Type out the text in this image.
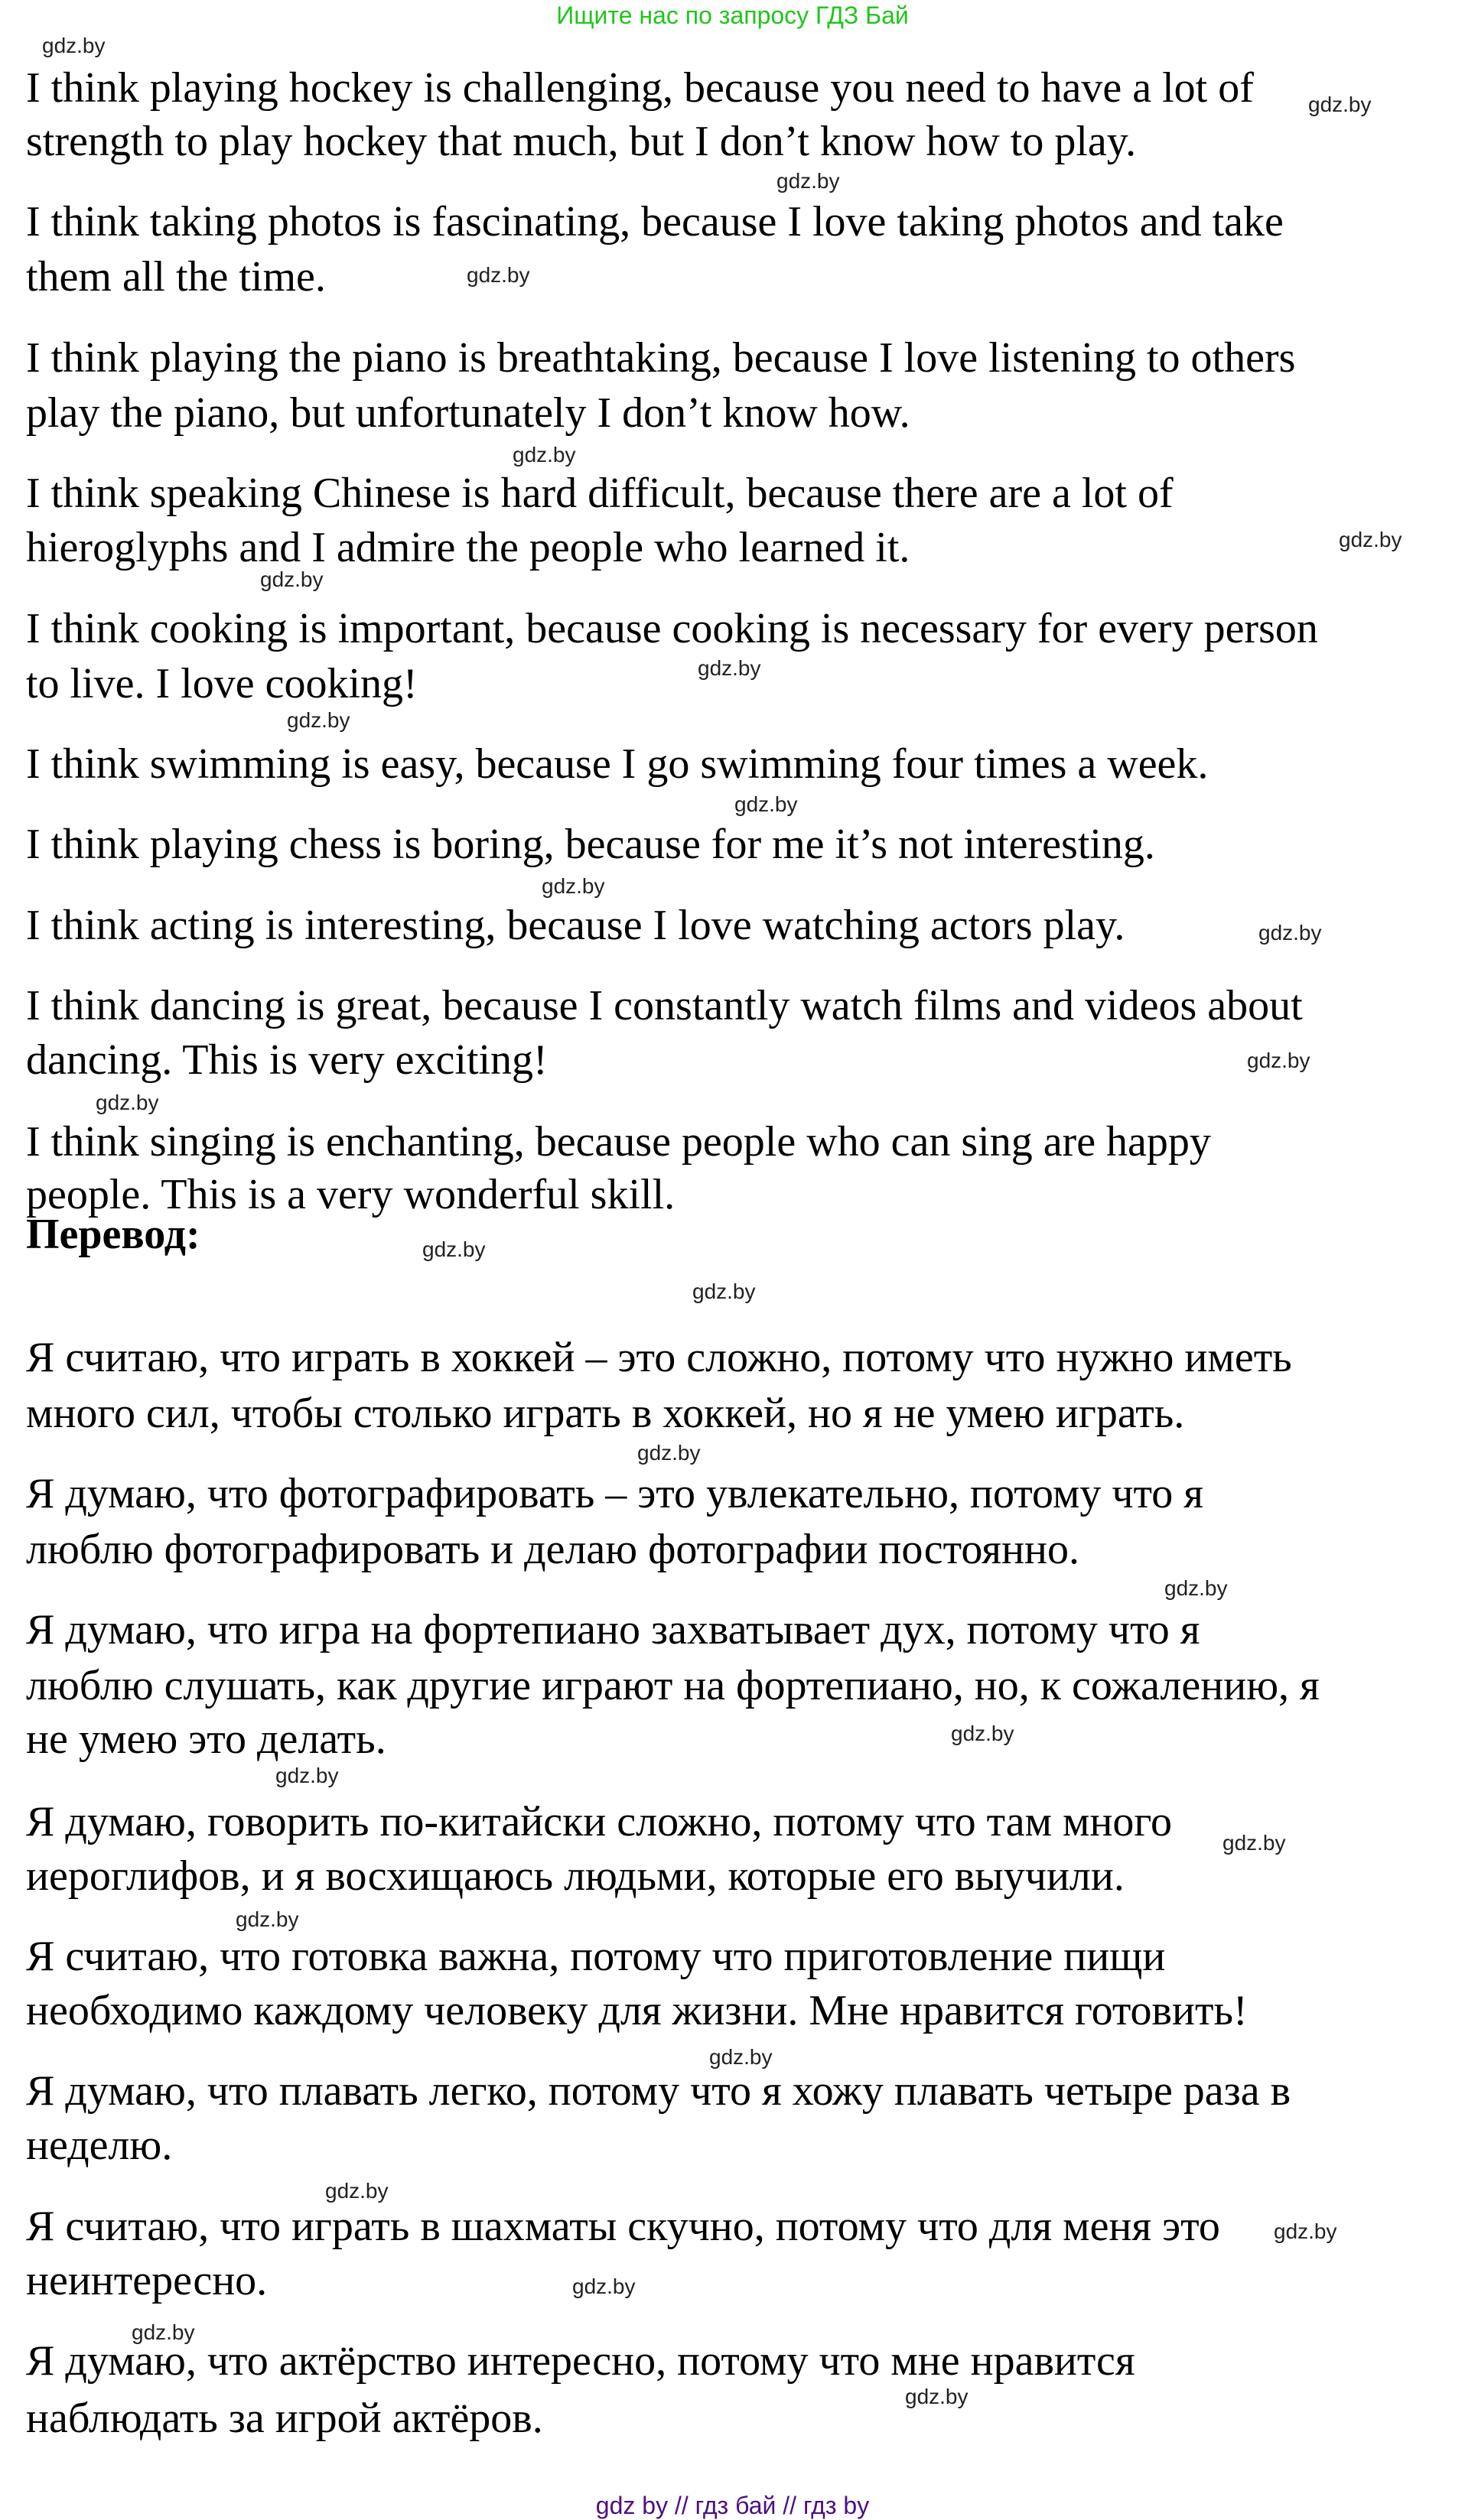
Ищите нас по запросу ГДЗ Бай
I think playing hockey is challenging, because you need to have a lot of
strength to play hockey that much, but I don’t know how to play.
I think taking photos is fascinating, because I love taking photos and take
them all the time.
I think playing the piano is breathtaking, because I love listening to others
play the piano, but unfortunately I don’t know how.
I think speaking Chinese is hard difficult, because there are a lot of
hieroglyphs and I admire the people who learned it.
I think cooking is important, because cooking is necessary for every person
to live. I love cooking!
I think swimming is easy, because I go swimming four times a week.
I think playing chess is boring, because for me it’s not interesting.
I think acting is interesting, because I love watching actors play.
I think dancing is great, because I constantly watch films and videos about
dancing. This is very exciting!
I think singing is enchanting, because people who can sing are happy
people. This is a very wonderful skill.
Я считаю, что играть в хоккей – это сложно, потому что нужно иметь
много сил, чтобы столько играть в хоккей, но я не умею играть.
Я думаю, что фотографировать – это увлекательно, потому что я
люблю фотографировать и делаю фотографии постоянно.
Я думаю, что игра на фортепиано захватывает дух, потому что я
люблю слушать, как другие играют на фортепиано, но, к сожалению, я
не умею это делать.
Я думаю, говорить по-китайски сложно, потому что там много
иероглифов, и я восхищаюсь людьми, которые его выучили.
Я считаю, что готовка важна, потому что приготовление пищи
необходимо каждому человеку для жизни. Мне нравится готовить!
Я думаю, что плавать легко, потому что я хожу плавать четыре раза в
неделю.
Я считаю, что играть в шахматы скучно, потому что для меня это
неинтересно.
Я думаю, что актёрство интересно, потому что мне нравится
наблюдать за игрой актёров.
gdz.by
gdz.by
gdz.by
gdz.by
gdz.by
gdz.by
gdz.by
gdz.by
gdz.by
gdz.by
gdz.by
gdz.by
gdz.by
gdz.by
gdz.by
gdz.by
gdz.by
gdz.by
gdz.by
gdz.by
gdz.by
gdz.by
gdz.by
gdz.by
gdz.by
gdz.by
gdz.by
gdz.by
Перевод:
gdz by // гдз бай // гдз by
